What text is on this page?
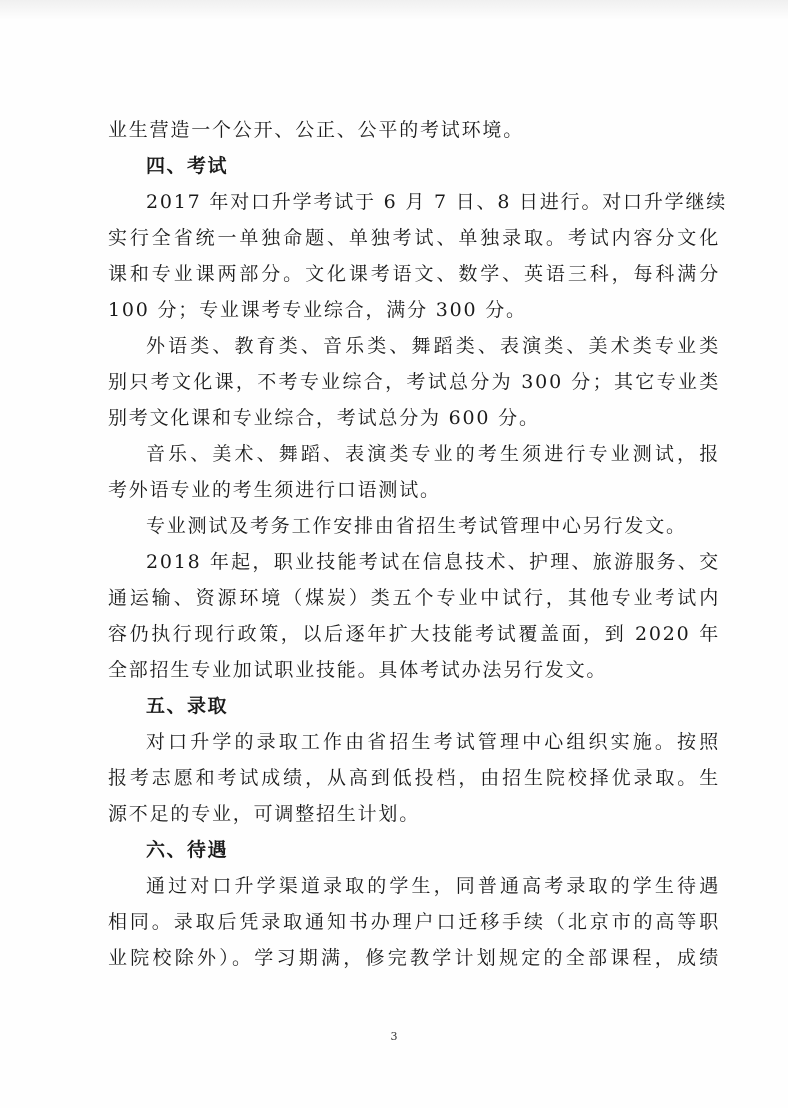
业生营造一个公开、公正、公平的考试环境。
四、考试
2017 年对口升学考试于 6 月 7 日、8 日进行。对口升学继续
实行全省统一单独命题、单独考试、单独录取。考试内容分文化
课和专业课两部分。文化课考语文、数学、英语三科，每科满分
100 分；专业课考专业综合，满分 300 分。
外语类、教育类、音乐类、舞蹈类、表演类、美术类专业类
别只考文化课，不考专业综合，考试总分为 300 分；其它专业类
别考文化课和专业综合，考试总分为 600 分。
音乐、美术、舞蹈、表演类专业的考生须进行专业测试，报
考外语专业的考生须进行口语测试。
专业测试及考务工作安排由省招生考试管理中心另行发文。
2018 年起，职业技能考试在信息技术、护理、旅游服务、交
通运输、资源环境（煤炭）类五个专业中试行，其他专业考试内
容仍执行现行政策，以后逐年扩大技能考试覆盖面，到 2020 年
全部招生专业加试职业技能。具体考试办法另行发文。
五、录取
对口升学的录取工作由省招生考试管理中心组织实施。按照
报考志愿和考试成绩，从高到低投档，由招生院校择优录取。生
源不足的专业，可调整招生计划。
六、待遇
通过对口升学渠道录取的学生，同普通高考录取的学生待遇
相同。录取后凭录取通知书办理户口迁移手续（北京市的高等职
业院校除外）。学习期满，修完教学计划规定的全部课程，成绩
3
